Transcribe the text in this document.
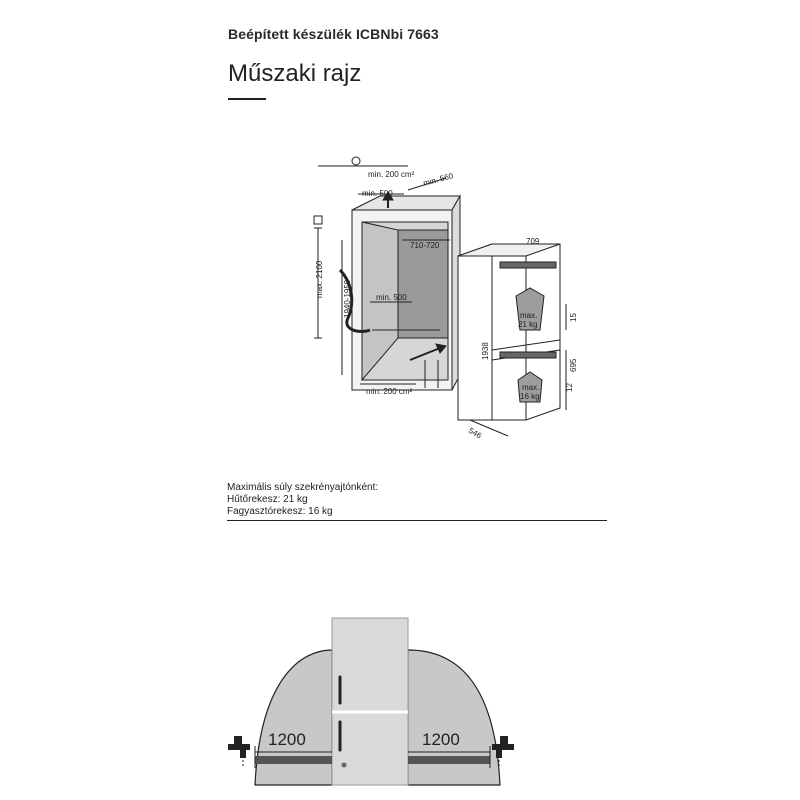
Beépített készülék ICBNbi 7663
Műszaki rajz
min. 200 cm²
min. 500
min. 560
max. 2100
1940-1950
710-720
min. 500
min. 200 cm²
709
1938
546
15
695
12
max.
21 kg
max.
16 kg
Maximális súly szekrényajtónként:
Hűtőrekesz: 21 kg
Fagyasztórekesz: 16 kg
1200	1200
